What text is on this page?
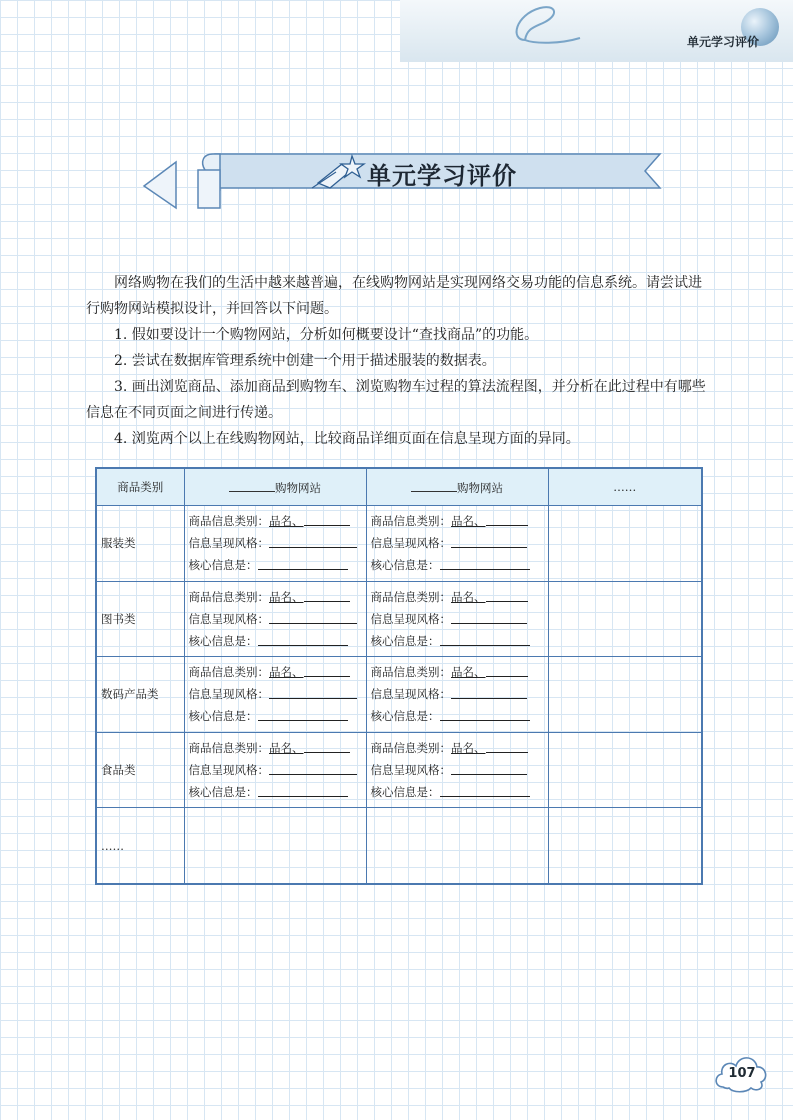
单元学习评价
单元学习评价

网络购物在我们的生活中越来越普遍，在线购物网站是实现网络交易功能的信息系统。请尝试进行购物网站模拟设计，并回答以下问题。

1. 假如要设计一个购物网站，分析如何概要设计“查找商品”的功能。

2. 尝试在数据库管理系统中创建一个用于描述服装的数据表。

3. 画出浏览商品、添加商品到购物车、浏览购物车过程的算法流程图，并分析在此过程中有哪些信息在不同页面之间进行传递。

4. 浏览两个以上在线购物网站，比较商品详细页面在信息呈现方面的异同。

商品类别	购物网站	购物网站	……
服装类	商品信息类别：品名、
信息呈现风格：
核心信息是：	商品信息类别：品名、
信息呈现风格：
核心信息是：	

图书类	商品信息类别：品名、
信息呈现风格：
核心信息是：	商品信息类别：品名、
信息呈现风格：
核心信息是：	

数码产品类	商品信息类别：品名、
信息呈现风格：
核心信息是：	商品信息类别：品名、
信息呈现风格：
核心信息是：	

食品类	商品信息类别：品名、
信息呈现风格：
核心信息是：	商品信息类别：品名、
信息呈现风格：
核心信息是：	

……			
107
